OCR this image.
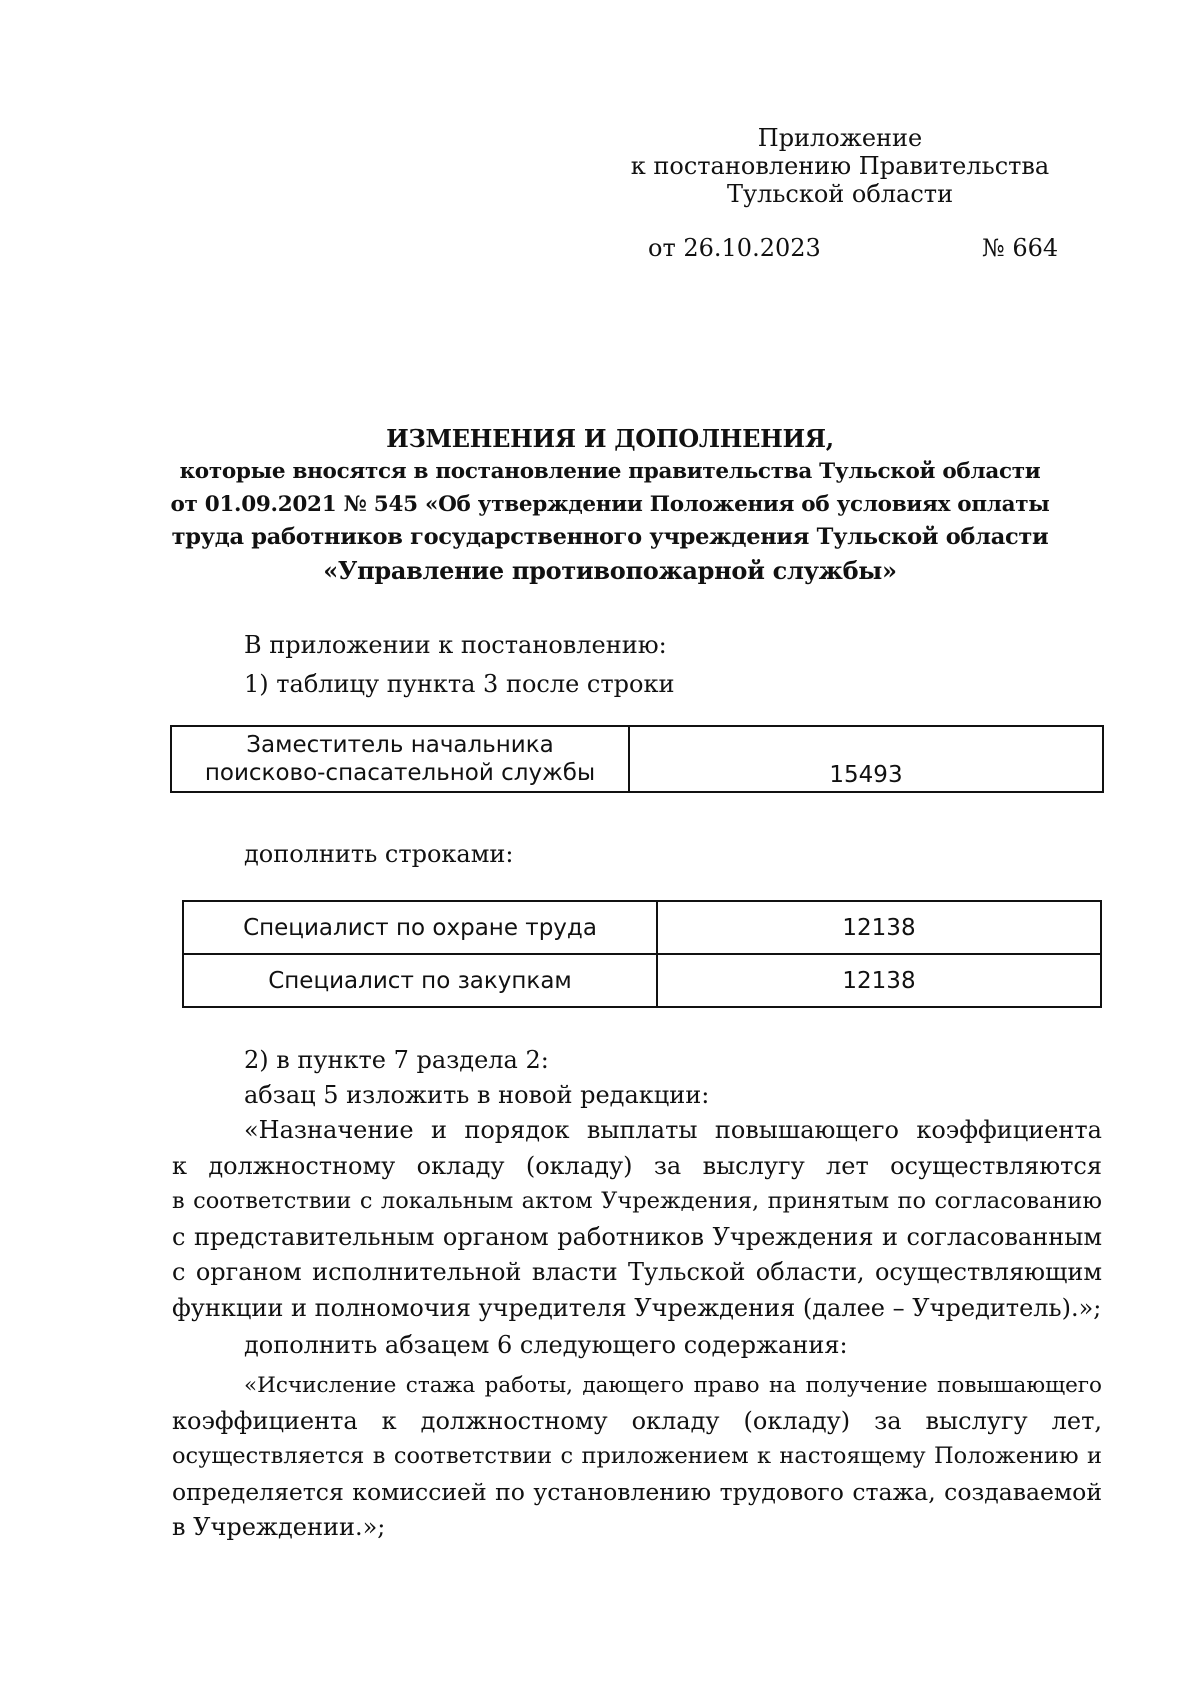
Приложение
к постановлению Правительства
Тульской области
от 26.10.2023	№ 664
ИЗМЕНЕНИЯ И ДОПОЛНЕНИЯ,
которые вносятся в постановление правительства Тульской области
от 01.09.2021 № 545 «Об утверждении Положения об условиях оплаты
труда работников государственного учреждения Тульской области
«Управление противопожарной службы»
В приложении к постановлению:
1) таблицу пункта 3 после строки
Заместитель начальника
поисково-спасательной службы	15493
дополнить строками:
Специалист по охране труда	12138
Специалист по закупкам	12138
2) в пункте 7 раздела 2:
абзац 5 изложить в новой редакции:
«Назначение и порядок выплаты повышающего коэффициента
к должностному окладу (окладу) за выслугу лет осуществляются
в соответствии с локальным актом Учреждения, принятым по согласованию
с представительным органом работников Учреждения и согласованным
с органом исполнительной власти Тульской области, осуществляющим
функции и полномочия учредителя Учреждения (далее – Учредитель).»;
дополнить абзацем 6 следующего содержания:
«Исчисление стажа работы, дающего право на получение повышающего
коэффициента к должностному окладу (окладу) за выслугу лет,
осуществляется в соответствии с приложением к настоящему Положению и
определяется комиссией по установлению трудового стажа, создаваемой
в Учреждении.»;
